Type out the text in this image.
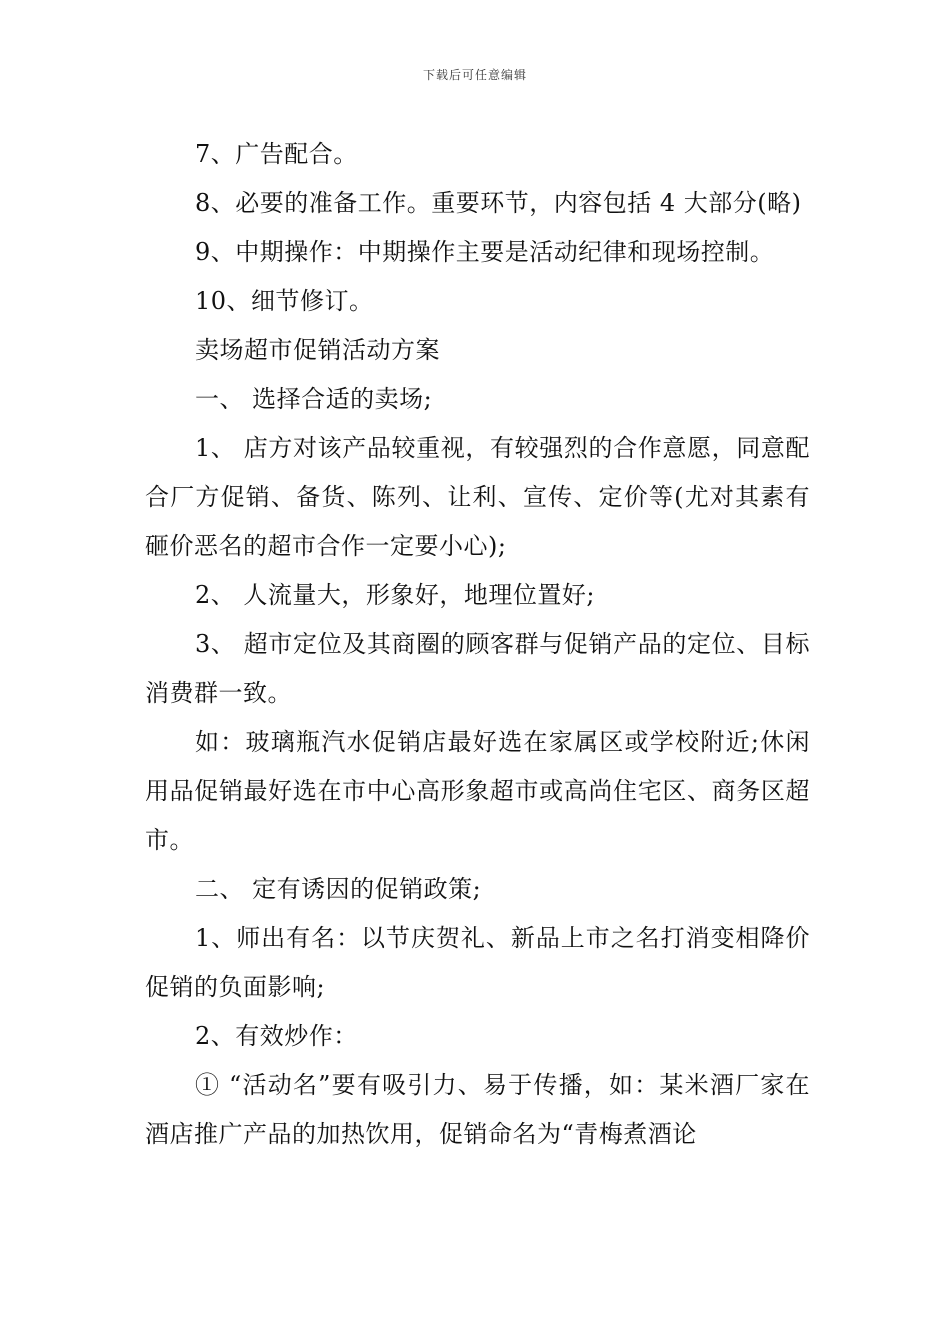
下载后可任意编辑

7、广告配合。

8、必要的准备工作。重要环节，内容包括 4 大部分(略)

9、中期操作：中期操作主要是活动纪律和现场控制。

10、细节修订。

卖场超市促销活动方案

一、 选择合适的卖场;

1、 店方对该产品较重视，有较强烈的合作意愿，同意配合厂方促销、备货、陈列、让利、宣传、定价等(尤对其素有砸价恶名的超市合作一定要小心);

2、 人流量大，形象好，地理位置好;

3、 超市定位及其商圈的顾客群与促销产品的定位、目标消费群一致。

如：玻璃瓶汽水促销店最好选在家属区或学校附近;休闲用品促销最好选在市中心高形象超市或高尚住宅区、商务区超市。

二、 定有诱因的促销政策;

1、师出有名：以节庆贺礼、新品上市之名打消变相降价促销的负面影响;

2、有效炒作：

① “活动名”要有吸引力、易于传播，如：某米酒厂家在酒店推广产品的加热饮用，促销命名为“青梅煮酒论
